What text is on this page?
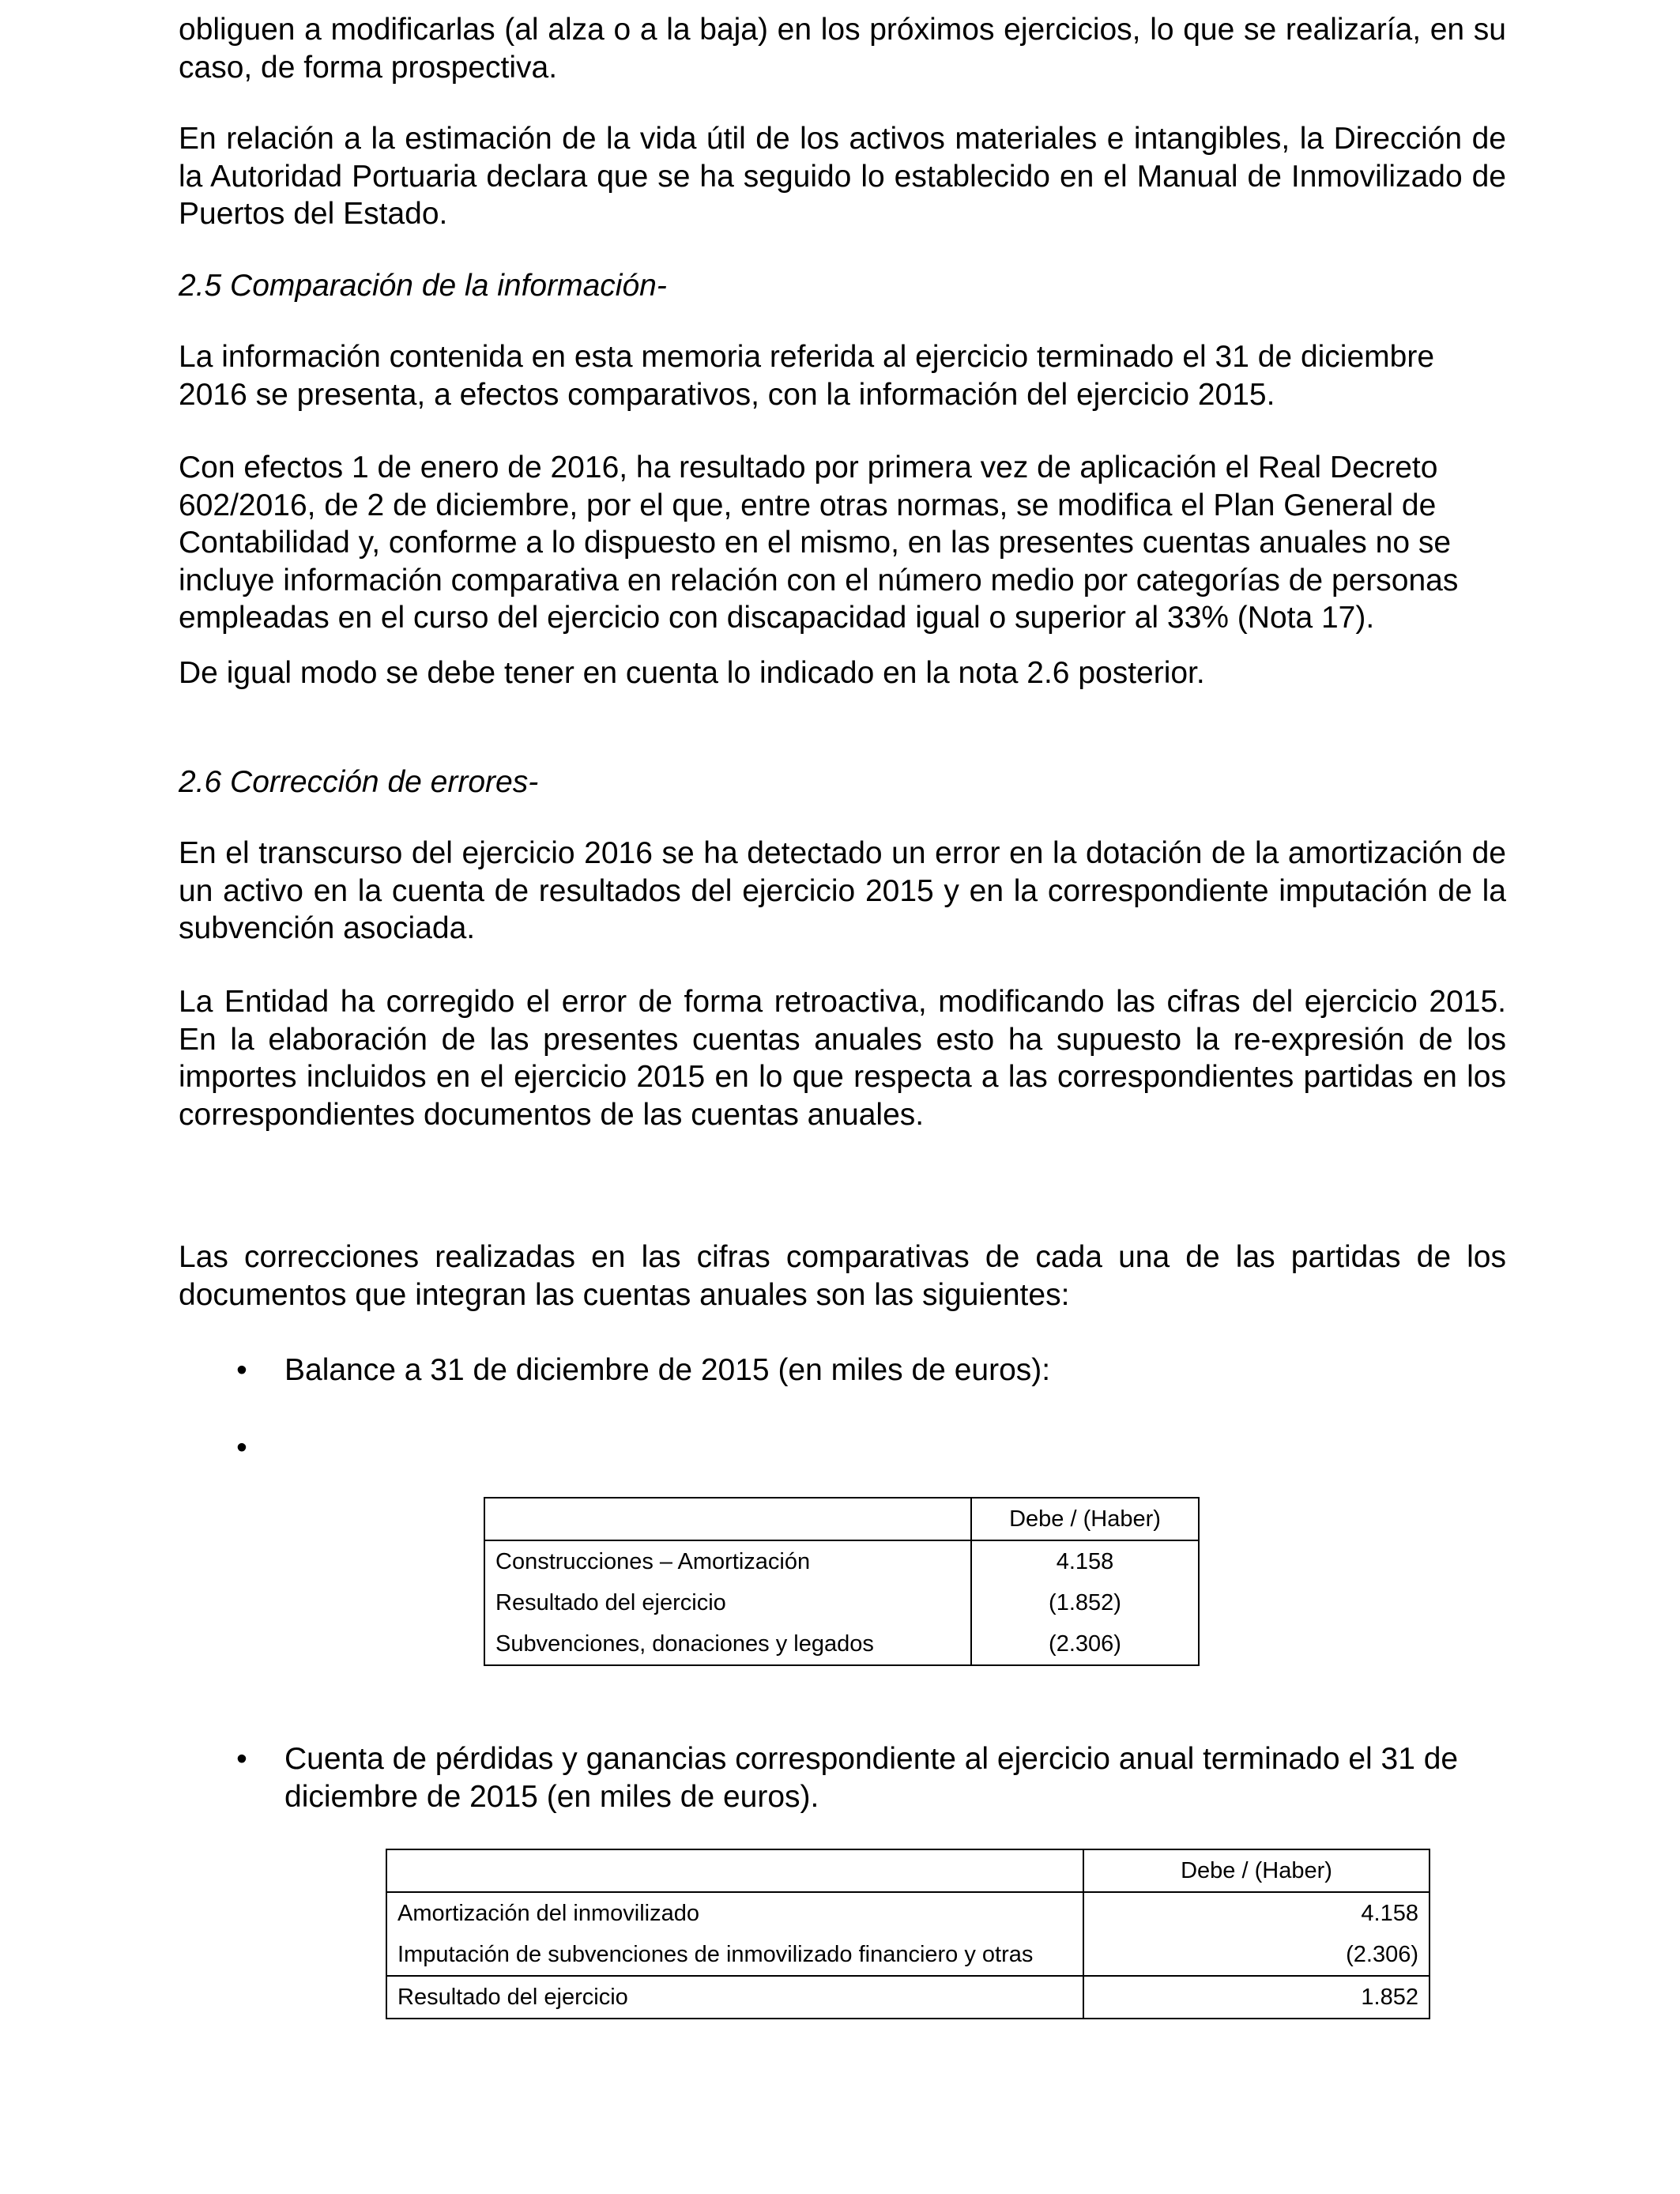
obliguen a modificarlas (al alza o a la baja) en los próximos ejercicios, lo que se realizaría, en su caso, de forma prospectiva.

En relación a la estimación de la vida útil de los activos materiales e intangibles, la Dirección de la Autoridad Portuaria declara que se ha seguido lo establecido en el Manual de Inmovilizado de Puertos del Estado.

2.5 Comparación de la información-

La información contenida en esta memoria referida al ejercicio terminado el 31 de diciembre 2016 se presenta, a efectos comparativos, con la información del ejercicio 2015.

Con efectos 1 de enero de 2016, ha resultado por primera vez de aplicación el Real Decreto 602/2016, de 2 de diciembre, por el que, entre otras normas, se modifica el Plan General de Contabilidad y, conforme a lo dispuesto en el mismo, en las presentes cuentas anuales no se incluye información comparativa en relación con el número medio por categorías de personas empleadas en el curso del ejercicio con discapacidad igual o superior al 33% (Nota 17).

De igual modo se debe tener en cuenta lo indicado en la nota 2.6 posterior.

2.6 Corrección de errores-

En el transcurso del ejercicio 2016 se ha detectado un error en la dotación de la amortización de un activo en la cuenta de resultados del ejercicio 2015 y en la correspondiente imputación de la subvención asociada.

La Entidad ha corregido el error de forma retroactiva, modificando las cifras del ejercicio 2015. En la elaboración de las presentes cuentas anuales esto ha supuesto la re-expresión de los importes incluidos en el ejercicio 2015 en lo que respecta a las correspondientes partidas en los correspondientes documentos de las cuentas anuales.

Las correcciones realizadas en las cifras comparativas de cada una de las partidas de los documentos que integran las cuentas anuales son las siguientes:

• Balance a 31 de diciembre de 2015 (en miles de euros):
•
	Debe / (Haber)
Construcciones – Amortización	4.158
Resultado del ejercicio	(1.852)
Subvenciones, donaciones y legados	(2.306)
• Cuenta de pérdidas y ganancias correspondiente al ejercicio anual terminado el 31 de diciembre de 2015 (en miles de euros).
	Debe / (Haber)
Amortización del inmovilizado	4.158
Imputación de subvenciones de inmovilizado financiero y otras	(2.306)
Resultado del ejercicio	1.852
